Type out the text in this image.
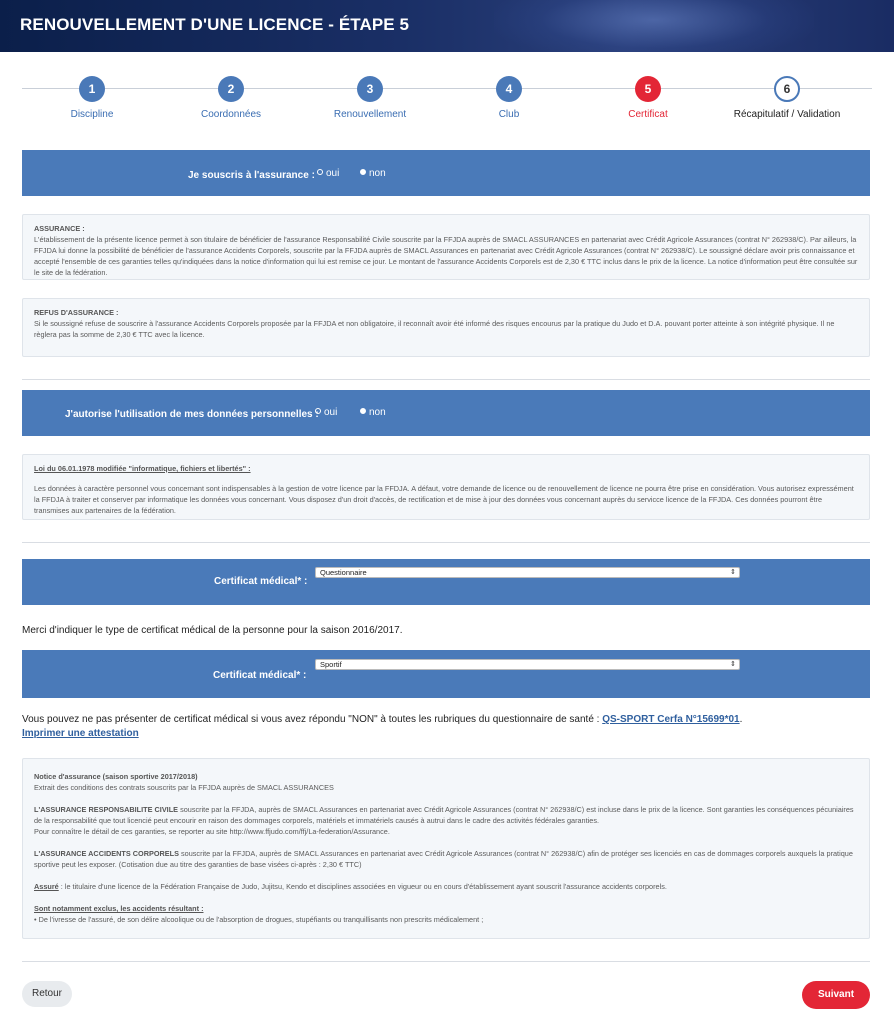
RENOUVELLEMENT D'UNE LICENCE - ÉTAPE 5
1
Discipline
2
Coordonnées
3
Renouvellement
4
Club
5
Certificat
6
Récapitulatif / Validation
Je souscris à l'assurance :	oui	non
ASSURANCE :
L'établissement de la présente licence permet à son titulaire de bénéficier de l'assurance Responsabilité Civile souscrite par la FFJDA auprès de SMACL ASSURANCES en partenariat avec Crédit Agricole Assurances (contrat N° 262938/C). Par ailleurs, la FFJDA lui donne la possibilité de bénéficier de l'assurance Accidents Corporels, souscrite par la FFJDA auprès de SMACL Assurances en partenariat avec Crédit Agricole Assurances (contrat N° 262938/C). Le soussigné déclare avoir pris connaissance et accepté l'ensemble de ces garanties telles qu'indiquées dans la notice d'information qui lui est remise ce jour. Le montant de l'assurance Accidents Corporels est de 2,30 € TTC inclus dans le prix de la licence. La notice d'information peut être consultée sur le site de la fédération.
REFUS D'ASSURANCE :
Si le soussigné refuse de souscrire à l'assurance Accidents Corporels proposée par la FFJDA et non obligatoire, il reconnaît avoir été informé des risques encourus par la pratique du Judo et D.A. pouvant porter atteinte à son intégrité physique. Il ne règlera pas la somme de 2,30 € TTC avec la licence.
J'autorise l'utilisation de mes données personnelles : oui	non
Loi du 06.01.1978 modifiée "informatique, fichiers et libertés" :
Les données à caractère personnel vous concernant sont indispensables à la gestion de votre licence par la FFDJA. A défaut, votre demande de licence ou de renouvellement de licence ne pourra être prise en considération. Vous autorisez expressément la FFDJA à traiter et conserver par informatique les données vous concernant. Vous disposez d'un droit d'accès, de rectification et de mise à jour des données vous concernant auprès du servicce licence de la FFJDA. Ces données pourront être transmises aux partenaires de la fédération.
Certificat médical* :
Questionnaire	⇕
Merci d'indiquer le type de certificat médical de la personne pour la saison 2016/2017.
Certificat médical* :
Sportif	⇕
Vous pouvez ne pas présenter de certificat médical si vous avez répondu "NON" à toutes les rubriques du questionnaire de santé : QS-SPORT Cerfa N°15699*01.
Imprimer une attestation
Notice d'assurance (saison sportive 2017/2018)
Extrait des conditions des contrats souscrits par la FFJDA auprès de SMACL ASSURANCES
L'ASSURANCE RESPONSABILITE CIVILE souscrite par la FFJDA, auprès de SMACL Assurances en partenariat avec Crédit Agricole Assurances (contrat N° 262938/C) est incluse dans le prix de la licence. Sont garanties les conséquences pécuniaires de la responsabilité que tout licencié peut encourir en raison des dommages corporels, matériels et immatériels causés à autrui dans le cadre des activités fédérales garanties.
Pour connaître le détail de ces garanties, se reporter au site http://www.ffjudo.com/ffj/La-federation/Assurance.
L'ASSURANCE ACCIDENTS CORPORELS souscrite par la FFJDA, auprès de SMACL Assurances en partenariat avec Crédit Agricole Assurances (contrat N° 262938/C) afin de protéger ses licenciés en cas de dommages corporels auxquels la pratique sportive peut les exposer. (Cotisation due au titre des garanties de base visées ci-après : 2,30 € TTC)
Assuré : le titulaire d'une licence de la Fédération Française de Judo, Jujitsu, Kendo et disciplines associées en vigueur ou en cours d'établissement ayant souscrit l'assurance accidents corporels.
Sont notamment exclus, les accidents résultant :
• De l'ivresse de l'assuré, de son délire alcoolique ou de l'absorption de drogues, stupéfiants ou tranquillisants non prescrits médicalement ;
Retour	Suivant
